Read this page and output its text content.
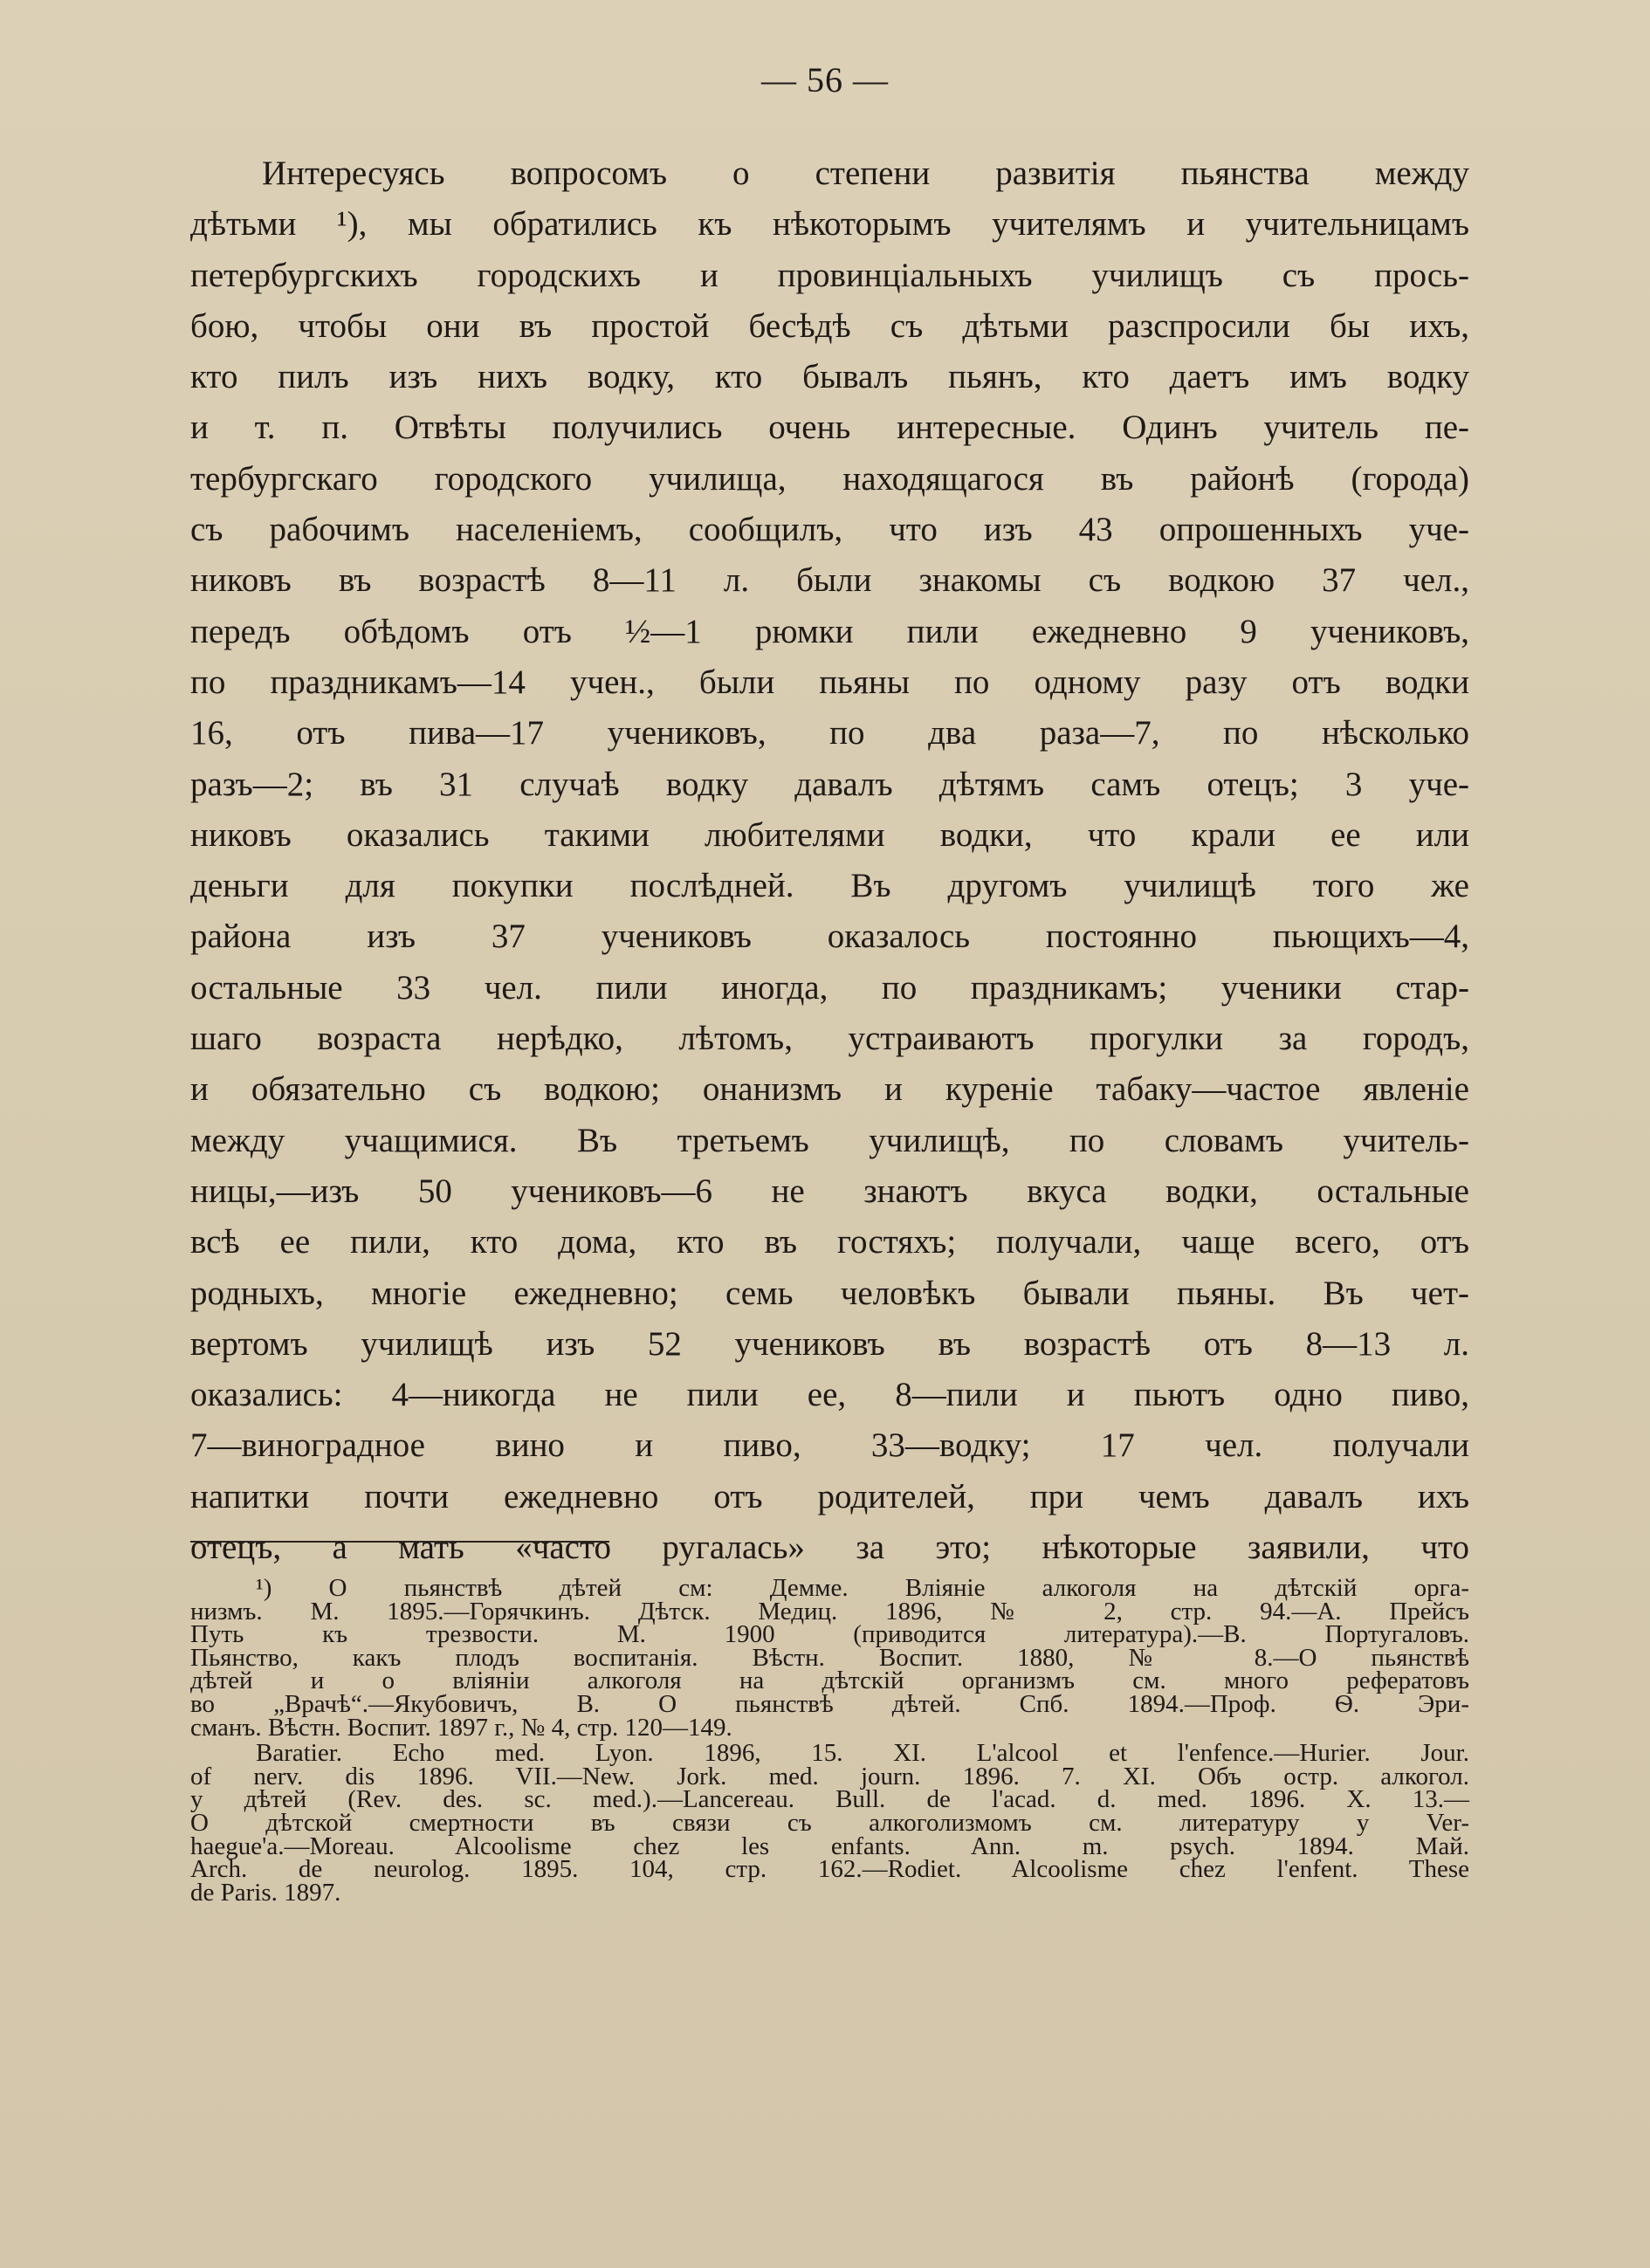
— 56 —
Интересуясь вопросомъ о степени развитія пьянства между
дѣтьми ¹), мы обратились къ нѣкоторымъ учителямъ и учительницамъ
петербургскихъ городскихъ и провинціальныхъ училищъ съ прось-
бою, чтобы они въ простой бесѣдѣ съ дѣтьми разспросили бы ихъ,
кто пилъ изъ нихъ водку, кто бывалъ пьянъ, кто даетъ имъ водку
и т. п. Отвѣты получились очень интересные. Одинъ учитель пе-
тербургскаго городского училища, находящагося въ районѣ (города)
съ рабочимъ населеніемъ, сообщилъ, что изъ 43 опрошенныхъ уче-
никовъ въ возрастѣ 8—11 л. были знакомы съ водкою 37 чел.,
передъ обѣдомъ отъ ½—1 рюмки пили ежедневно 9 учениковъ,
по праздникамъ—14 учен., были пьяны по одному разу отъ водки
16, отъ пива—17 учениковъ, по два раза—7, по нѣсколько
разъ—2; въ 31 случаѣ водку давалъ дѣтямъ самъ отецъ; 3 уче-
никовъ оказались такими любителями водки, что крали ее или
деньги для покупки послѣдней. Въ другомъ училищѣ того же
района изъ 37 учениковъ оказалось постоянно пьющихъ—4,
остальные 33 чел. пили иногда, по праздникамъ; ученики стар-
шаго возраста нерѣдко, лѣтомъ, устраиваютъ прогулки за городъ,
и обязательно съ водкою; онанизмъ и куреніе табаку—частое явленіе
между учащимися. Въ третьемъ училищѣ, по словамъ учитель-
ницы,—изъ 50 учениковъ—6 не знаютъ вкуса водки, остальные
всѣ ее пили, кто дома, кто въ гостяхъ; получали, чаще всего, отъ
родныхъ, многіе ежедневно; семь человѣкъ бывали пьяны. Въ чет-
вертомъ училищѣ изъ 52 учениковъ въ возрастѣ отъ 8—13 л.
оказались: 4—никогда не пили ее, 8—пили и пьютъ одно пиво,
7—виноградное вино и пиво, 33—водку; 17 чел. получали
напитки почти ежедневно отъ родителей, при чемъ давалъ ихъ
отецъ, а мать «часто ругалась» за это; нѣкоторые заявили, что
¹) О пьянствѣ дѣтей см: Демме. Вліяніе алкоголя на дѣтскій орга-
низмъ. М. 1895.—Горячкинъ. Дѣтск. Медиц. 1896, № 2, стр. 94.—А. Прейсъ
Путь къ трезвости. М. 1900 (приводится литература).—В. Португаловъ.
Пьянство, какъ плодъ воспитанія. Вѣстн. Воспит. 1880, № 8.—О пьянствѣ
дѣтей и о вліяніи алкоголя на дѣтскій организмъ см. много рефератовъ
во „Врачѣ“.—Якубовичъ, В. О пьянствѣ дѣтей. Спб. 1894.—Проф. Ѳ. Эри-
сманъ. Вѣстн. Воспит. 1897 г., № 4, стр. 120—149.
Baratier. Echo med. Lyon. 1896, 15. XI. L'alcool et l'enfence.—Hurier. Jour.
of nerv. dis 1896. VII.—New. Jork. med. journ. 1896. 7. XI. Объ остр. алкогол.
у дѣтей (Rev. des. sc. med.).—Lancereau. Bull. de l'acad. d. med. 1896. X. 13.—
О дѣтской смертности въ связи съ алкоголизмомъ см. литературу у Ver-
haegue'a.—Moreau. Alcoolisme chez les enfants. Ann. m. psych. 1894. Май.
Arch. de neurolog. 1895. 104, стр. 162.—Rodiet. Alcoolisme chez l'enfent. These
de Paris. 1897.
